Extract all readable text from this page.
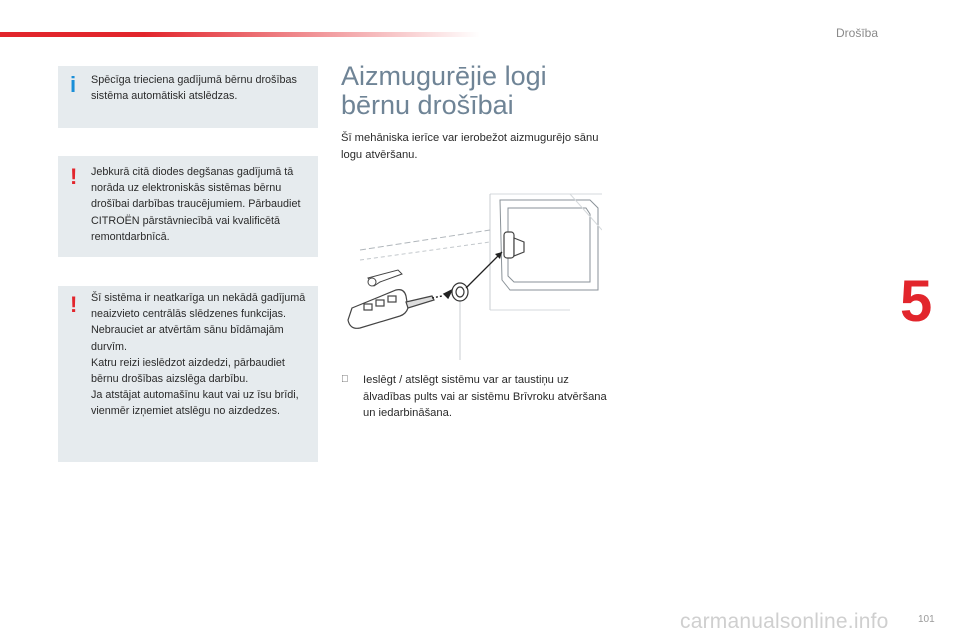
Drošība
5
i Spēcīga trieciena gadījumā bērnu drošības sistēma automātiski atslēdzas.

! Jebkurā citā diodes degšanas gadījumā tā norāda uz elektroniskās sistēmas bērnu drošībai darbības traucējumiem. Pārbaudiet CITROËN pārstāvniecībā vai kvalificētā remontdarbnīcā.

! Šī sistēma ir neatkarīga un nekādā gadījumā neaizvieto centrālās slēdzenes funkcijas.

Nebrauciet ar atvērtām sānu bīdāmajām durvīm.

Katru reizi ieslēdzot aizdedzi, pārbaudiet bērnu drošības aizslēga darbību.

Ja atstājat automašīnu kaut vai uz īsu brīdi, vienmēr izņemiet atslēgu no aizdedzes.

Aizmugurējie logi
bērnu drošībai

Šī mehāniska ierīce var ierobežot aizmugurējo sānu logu atvēršanu.

Ieslēgt / atslēgt sistēmu var ar taustiņu uz ālvadības pults vai ar sistēmu Brīvroku atvēršana un iedarbināšana.
carmanualsonline.info	101
